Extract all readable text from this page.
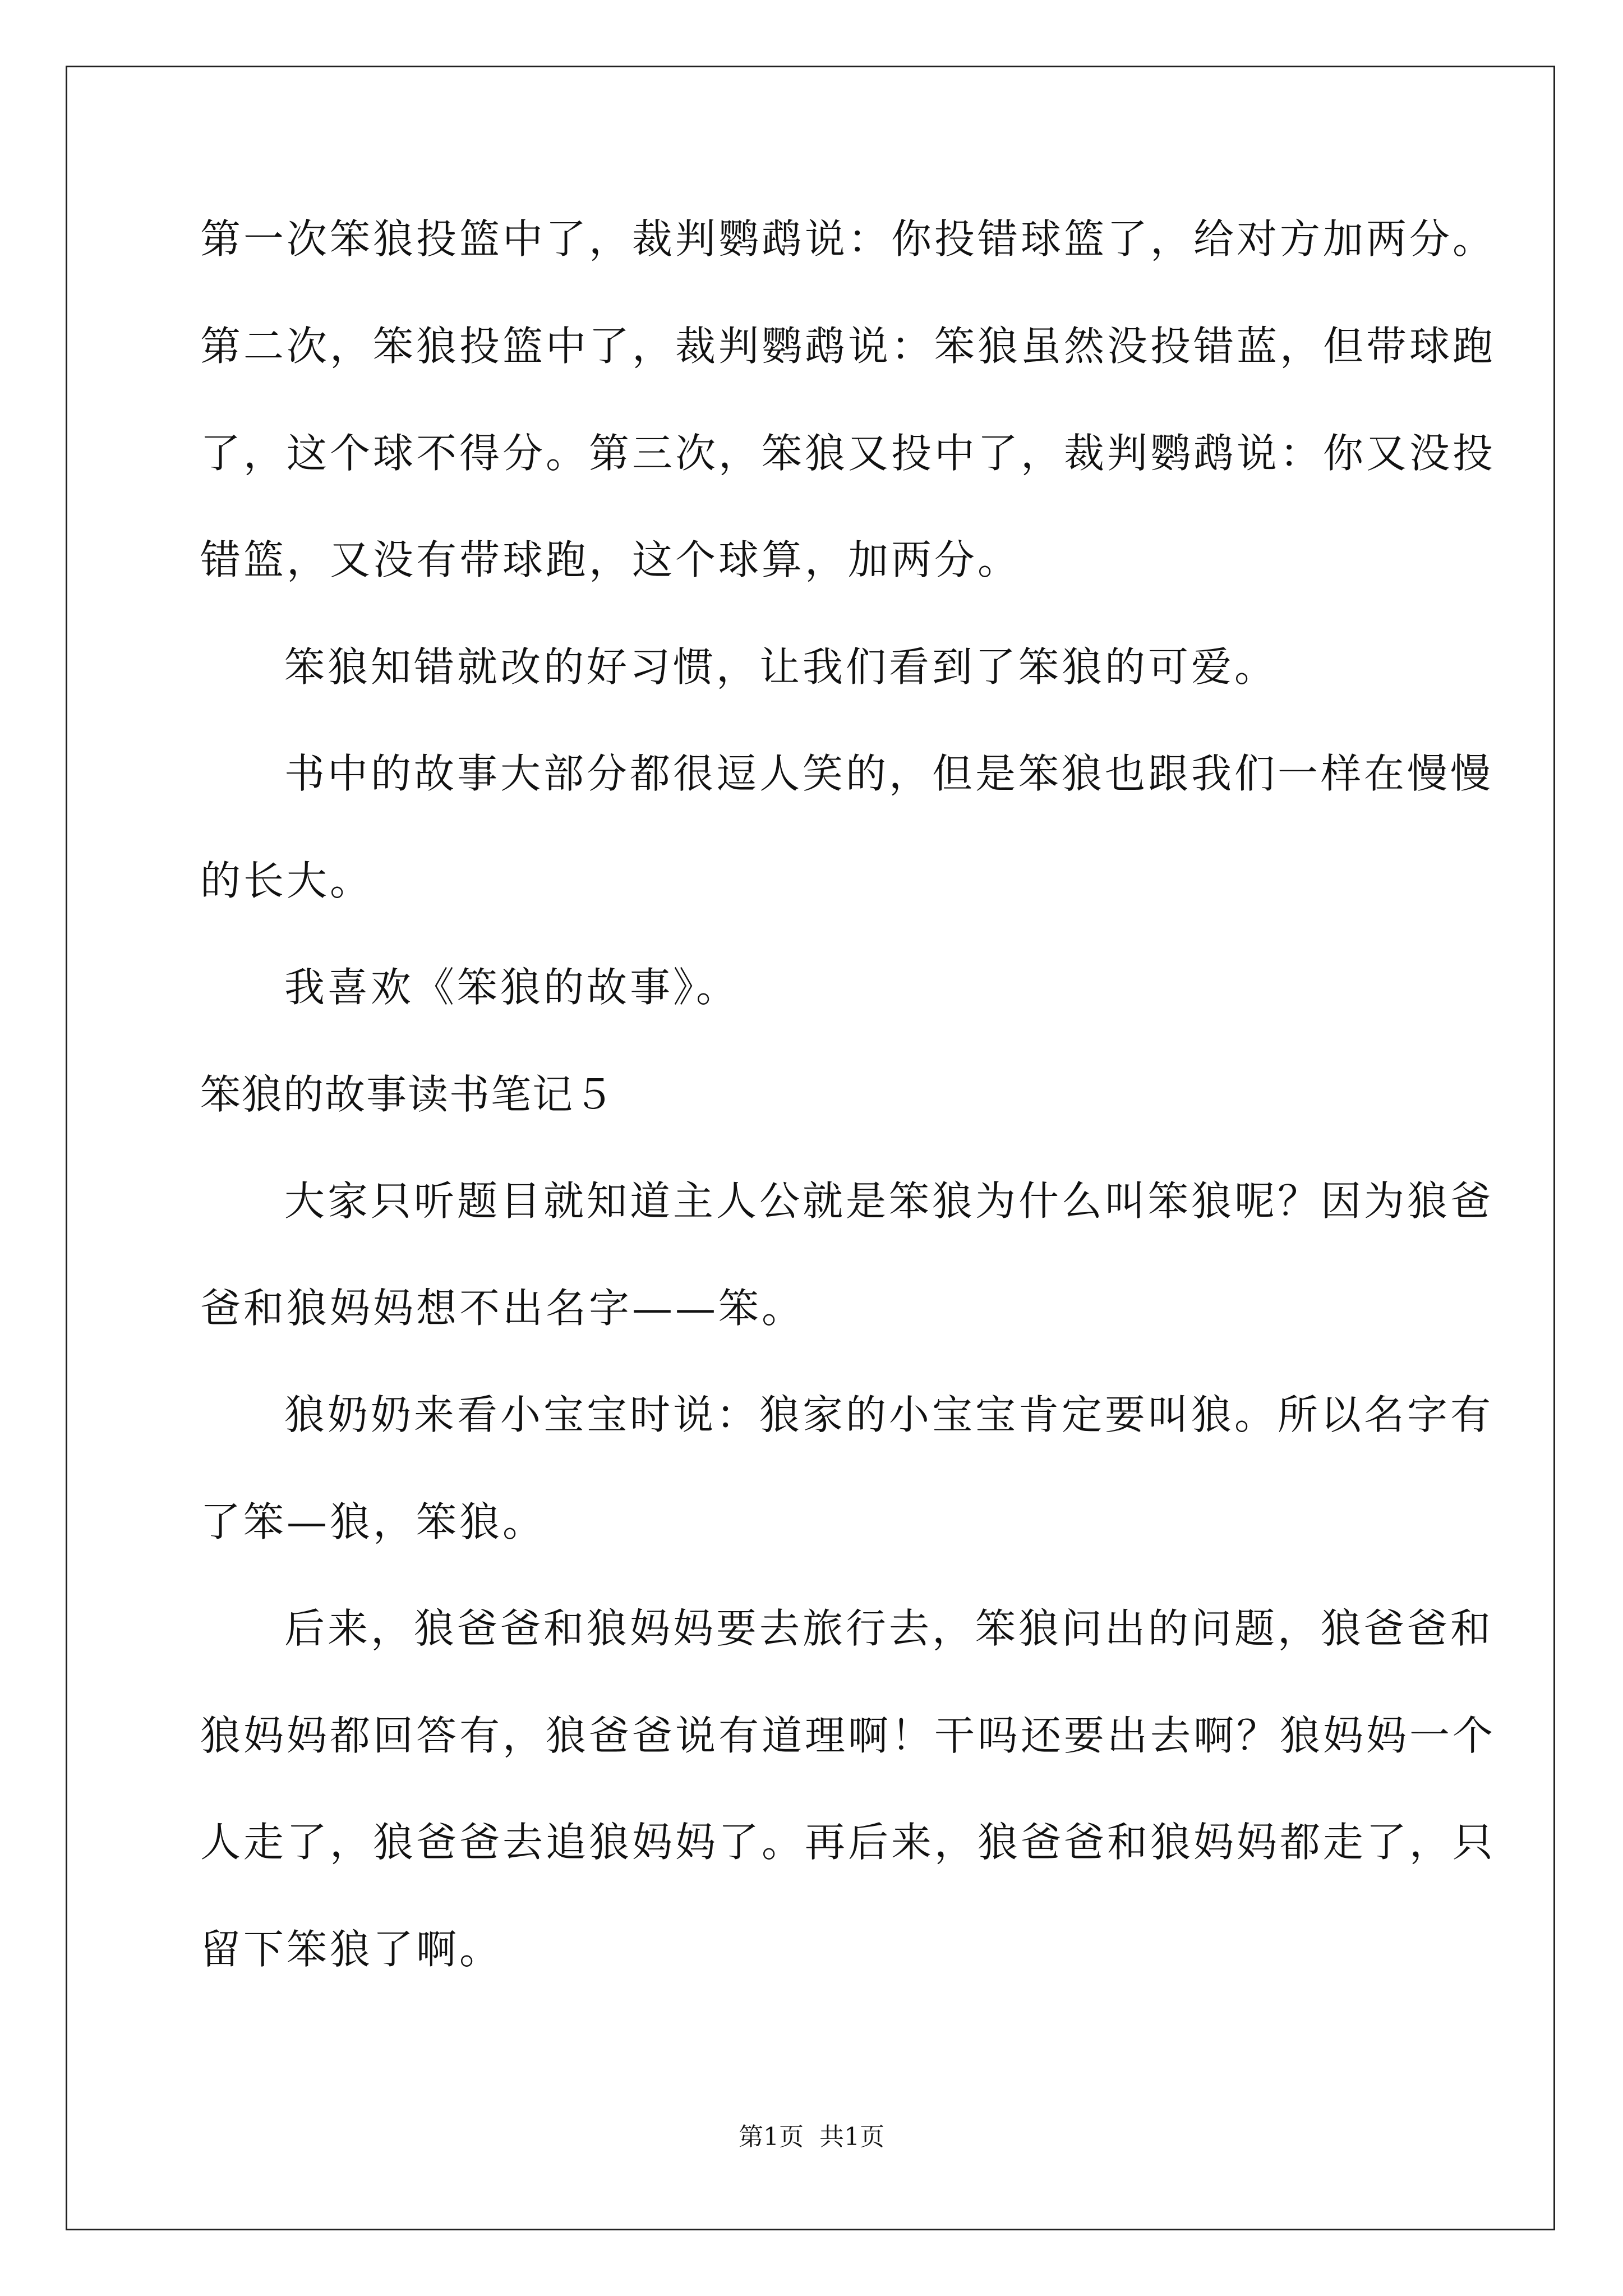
第一次笨狼投篮中了，裁判鹦鹉说：你投错球篮了，给对方加两分。
第二次，笨狼投篮中了，裁判鹦鹉说：笨狼虽然没投错蓝，但带球跑
了，这个球不得分。第三次，笨狼又投中了，裁判鹦鹉说：你又没投
错篮，又没有带球跑，这个球算，加两分。
笨狼知错就改的好习惯，让我们看到了笨狼的可爱。
书中的故事大部分都很逗人笑的，但是笨狼也跟我们一样在慢慢
的长大。
我喜欢《笨狼的故事》。
笨狼的故事读书笔记５
大家只听题目就知道主人公就是笨狼为什么叫笨狼呢？因为狼爸
爸和狼妈妈想不出名字——笨。
狼奶奶来看小宝宝时说：狼家的小宝宝肯定要叫狼。所以名字有
了笨—狼，笨狼。
后来，狼爸爸和狼妈妈要去旅行去，笨狼问出的问题，狼爸爸和
狼妈妈都回答有，狼爸爸说有道理啊！干吗还要出去啊？狼妈妈一个
人走了，狼爸爸去追狼妈妈了。再后来，狼爸爸和狼妈妈都走了，只
留下笨狼了啊。
第1页 共1页
